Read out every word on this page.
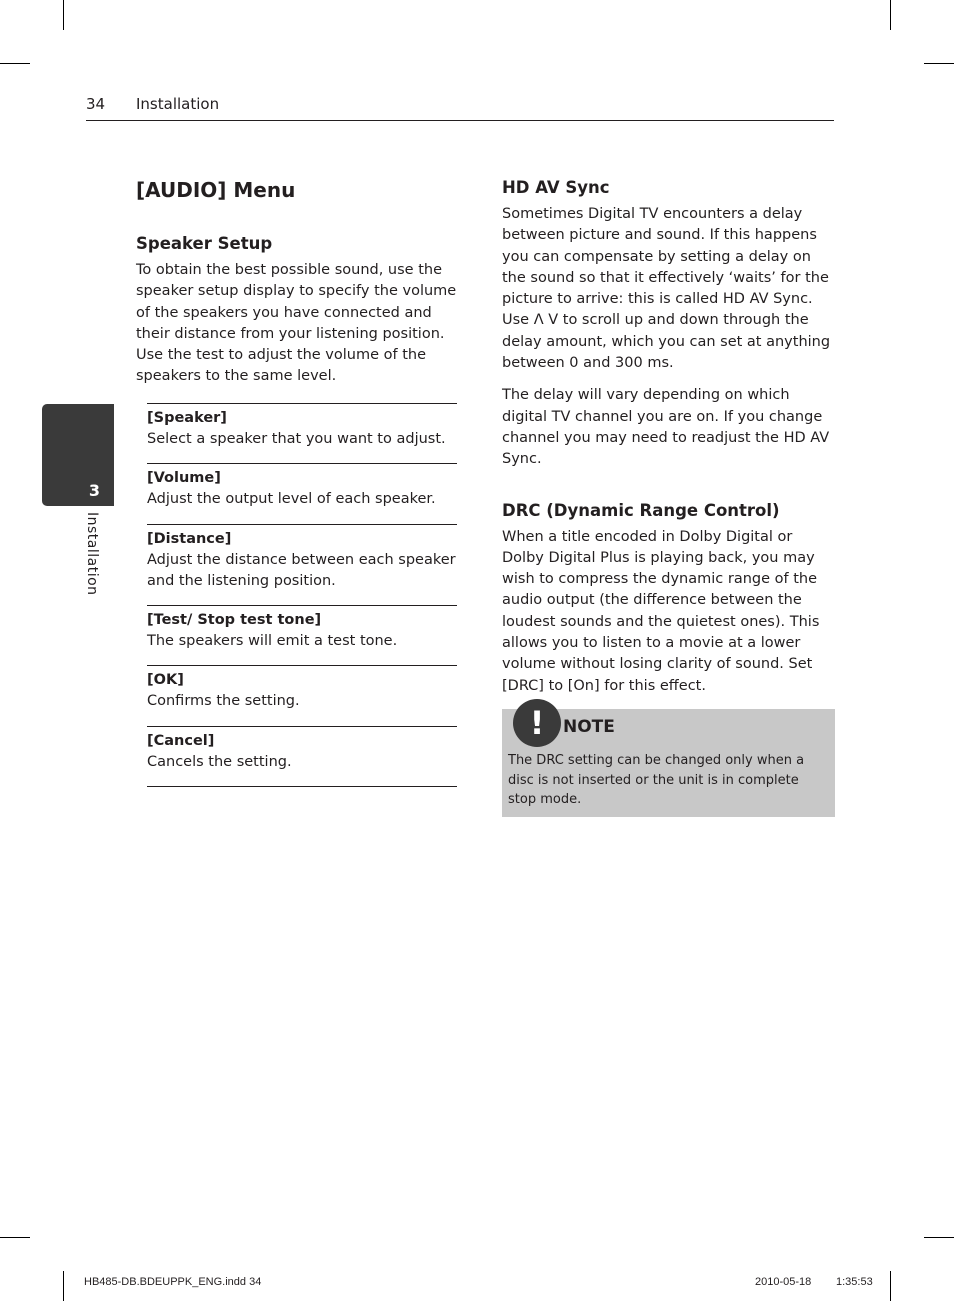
34 Installation
3
Installation
[AUDIO] Menu
Speaker Setup

To obtain the best possible sound, use the speaker setup display to specify the volume of the speakers you have connected and their distance from your listening position. Use the test to adjust the volume of the speakers to the same level.

[Speaker]
Select a speaker that you want to adjust.
[Volume]
Adjust the output level of each speaker.
[Distance]
Adjust the distance between each speaker and the listening position.
[Test/ Stop test tone]
The speakers will emit a test tone.
[OK]
Confirms the setting.
[Cancel]
Cancels the setting.
HD AV Sync

Sometimes Digital TV encounters a delay between picture and sound. If this happens you can compensate by setting a delay on the sound so that it effectively ‘waits’ for the picture to arrive: this is called HD AV Sync. Use Λ V to scroll up and down through the delay amount, which you can set at anything between 0 and 300 ms.

The delay will vary depending on which digital TV channel you are on. If you change channel you may need to readjust the HD AV Sync.

DRC (Dynamic Range Control)

When a title encoded in Dolby Digital or Dolby Digital Plus is playing back, you may wish to compress the dynamic range of the audio output (the difference between the loudest sounds and the quietest ones). This allows you to listen to a movie at a lower volume without losing clarity of sound. Set [DRC] to [On] for this effect.

!	NOTE
The DRC setting can be changed only when a disc is not inserted or the unit is in complete stop mode.
HB485-DB.BDEUPPK_ENG.indd 34	2010-05-18 1:35:53
